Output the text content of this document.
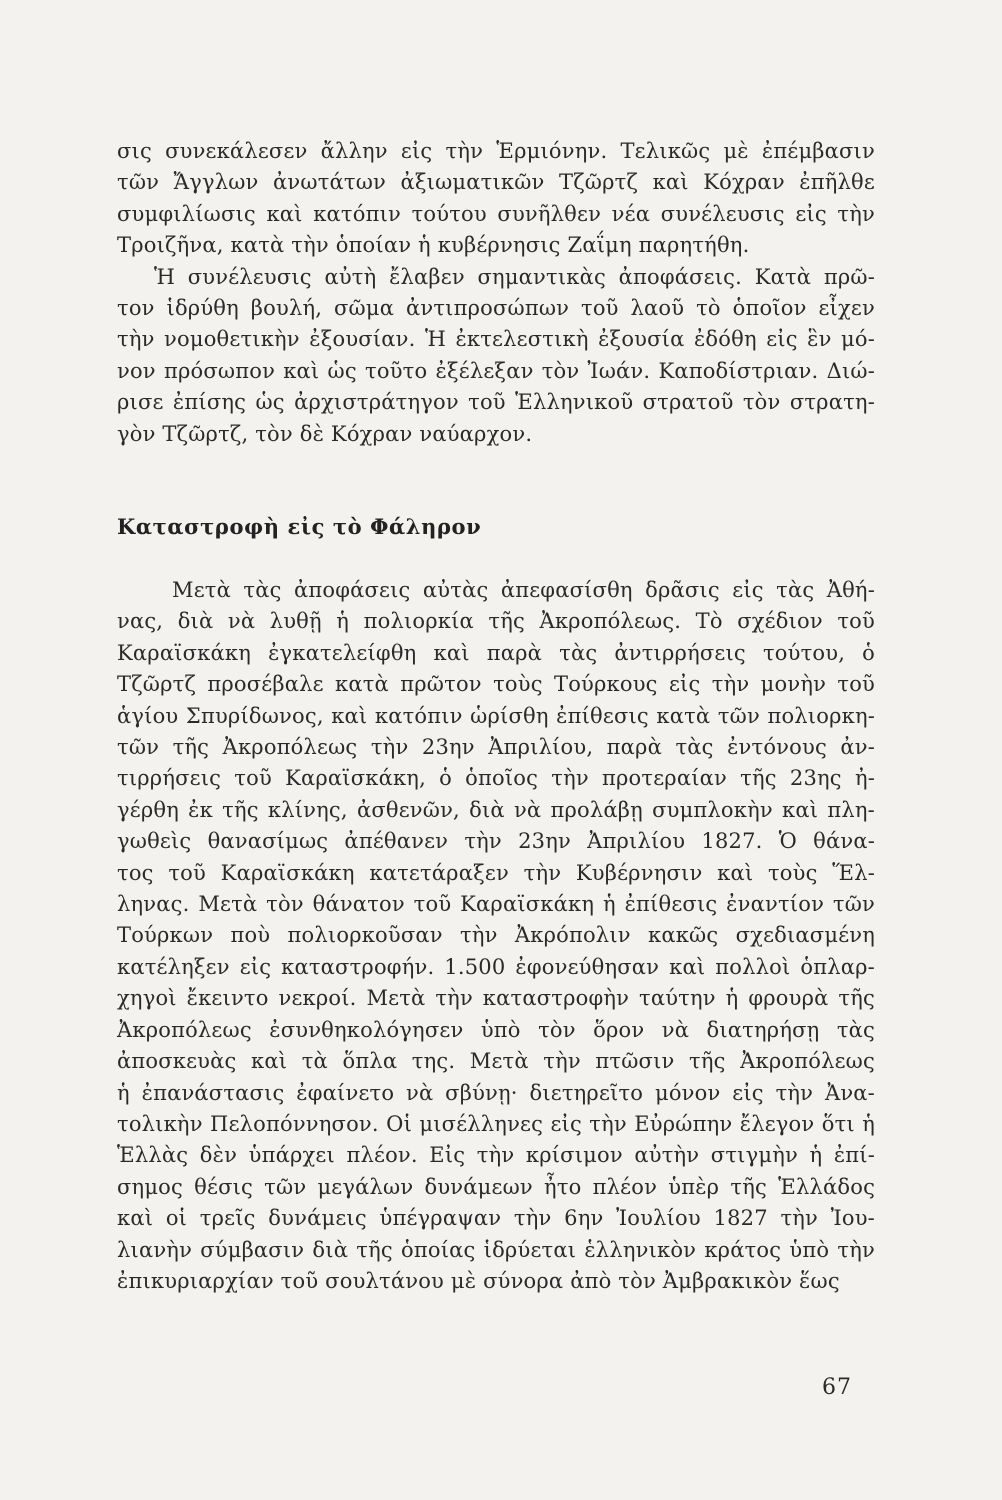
σις συνεκάλεσεν ἄλλην εἰς τὴν Ἑρμιόνην. Τελικῶς μὲ ἐπέμβασιν
τῶν Ἄγγλων ἀνωτάτων ἀξιωματικῶν Τζῶρτζ καὶ Κόχραν ἐπῆλθε
συμφιλίωσις καὶ κατόπιν τούτου συνῆλθεν νέα συνέλευσις εἰς τὴν
Τροιζῆνα, κατὰ τὴν ὁποίαν ἡ κυβέρνησις Ζαΐμη παρητήθη.
Ἡ συνέλευσις αὐτὴ ἔλαβεν σημαντικὰς ἀποφάσεις. Κατὰ πρῶ-
τον ἱδρύθη βουλή, σῶμα ἀντιπροσώπων τοῦ λαοῦ τὸ ὁποῖον εἶχεν
τὴν νομοθετικὴν ἐξουσίαν. Ἡ ἐκτελεστικὴ ἐξουσία ἐδόθη εἰς ἓν μό-
νον πρόσωπον καὶ ὡς τοῦτο ἐξέλεξαν τὸν Ἰωάν. Καποδίστριαν. Διώ-
ρισε ἐπίσης ὡς ἀρχιστράτηγον τοῦ Ἑλληνικοῦ στρατοῦ τὸν στρατη-
γὸν Τζῶρτζ, τὸν δὲ Κόχραν ναύαρχον.
Καταστροφὴ εἰς τὸ Φάληρον
Μετὰ τὰς ἀποφάσεις αὐτὰς ἀπεφασίσθη δρᾶσις εἰς τὰς Ἀθή-
νας, διὰ νὰ λυθῇ ἡ πολιορκία τῆς Ἀκροπόλεως. Τὸ σχέδιον τοῦ
Καραϊσκάκη ἐγκατελείφθη καὶ παρὰ τὰς ἀντιρρήσεις τούτου, ὁ
Τζῶρτζ προσέβαλε κατὰ πρῶτον τοὺς Τούρκους εἰς τὴν μονὴν τοῦ
ἁγίου Σπυρίδωνος, καὶ κατόπιν ὡρίσθη ἐπίθεσις κατὰ τῶν πολιορκη-
τῶν τῆς Ἀκροπόλεως τὴν 23ην Ἀπριλίου, παρὰ τὰς ἐντόνους ἀν-
τιρρήσεις τοῦ Καραϊσκάκη, ὁ ὁποῖος τὴν προτεραίαν τῆς 23ης ἠ-
γέρθη ἐκ τῆς κλίνης, ἀσθενῶν, διὰ νὰ προλάβῃ συμπλοκὴν καὶ πλη-
γωθεὶς θανασίμως ἀπέθανεν τὴν 23ην Ἀπριλίου 1827. Ὁ θάνα-
τος τοῦ Καραϊσκάκη κατετάραξεν τὴν Κυβέρνησιν καὶ τοὺς Ἕλ-
ληνας. Μετὰ τὸν θάνατον τοῦ Καραϊσκάκη ἡ ἐπίθεσις ἐναντίον τῶν
Τούρκων ποὺ πολιορκοῦσαν τὴν Ἀκρόπολιν κακῶς σχεδιασμένη
κατέληξεν εἰς καταστροφήν. 1.500 ἐφονεύθησαν καὶ πολλοὶ ὁπλαρ-
χηγοὶ ἔκειντο νεκροί. Μετὰ τὴν καταστροφὴν ταύτην ἡ φρουρὰ τῆς
Ἀκροπόλεως ἐσυνθηκολόγησεν ὑπὸ τὸν ὅρον νὰ διατηρήσῃ τὰς
ἀποσκευὰς καὶ τὰ ὅπλα της. Μετὰ τὴν πτῶσιν τῆς Ἀκροπόλεως
ἡ ἐπανάστασις ἐφαίνετο νὰ σβύνῃ· διετηρεῖτο μόνον εἰς τὴν Ἀνα-
τολικὴν Πελοπόννησον. Οἱ μισέλληνες εἰς τὴν Εὐρώπην ἔλεγον ὅτι ἡ
Ἑλλὰς δὲν ὑπάρχει πλέον. Εἰς τὴν κρίσιμον αὐτὴν στιγμὴν ἡ ἐπί-
σημος θέσις τῶν μεγάλων δυνάμεων ἦτο πλέον ὑπὲρ τῆς Ἑλλάδος
καὶ οἱ τρεῖς δυνάμεις ὑπέγραψαν τὴν 6ην Ἰουλίου 1827 τὴν Ἰου-
λιανὴν σύμβασιν διὰ τῆς ὁποίας ἱδρύεται ἑλληνικὸν κράτος ὑπὸ τὴν
ἐπικυριαρχίαν τοῦ σουλτάνου μὲ σύνορα ἀπὸ τὸν Ἀμβρακικὸν ἕως
67
